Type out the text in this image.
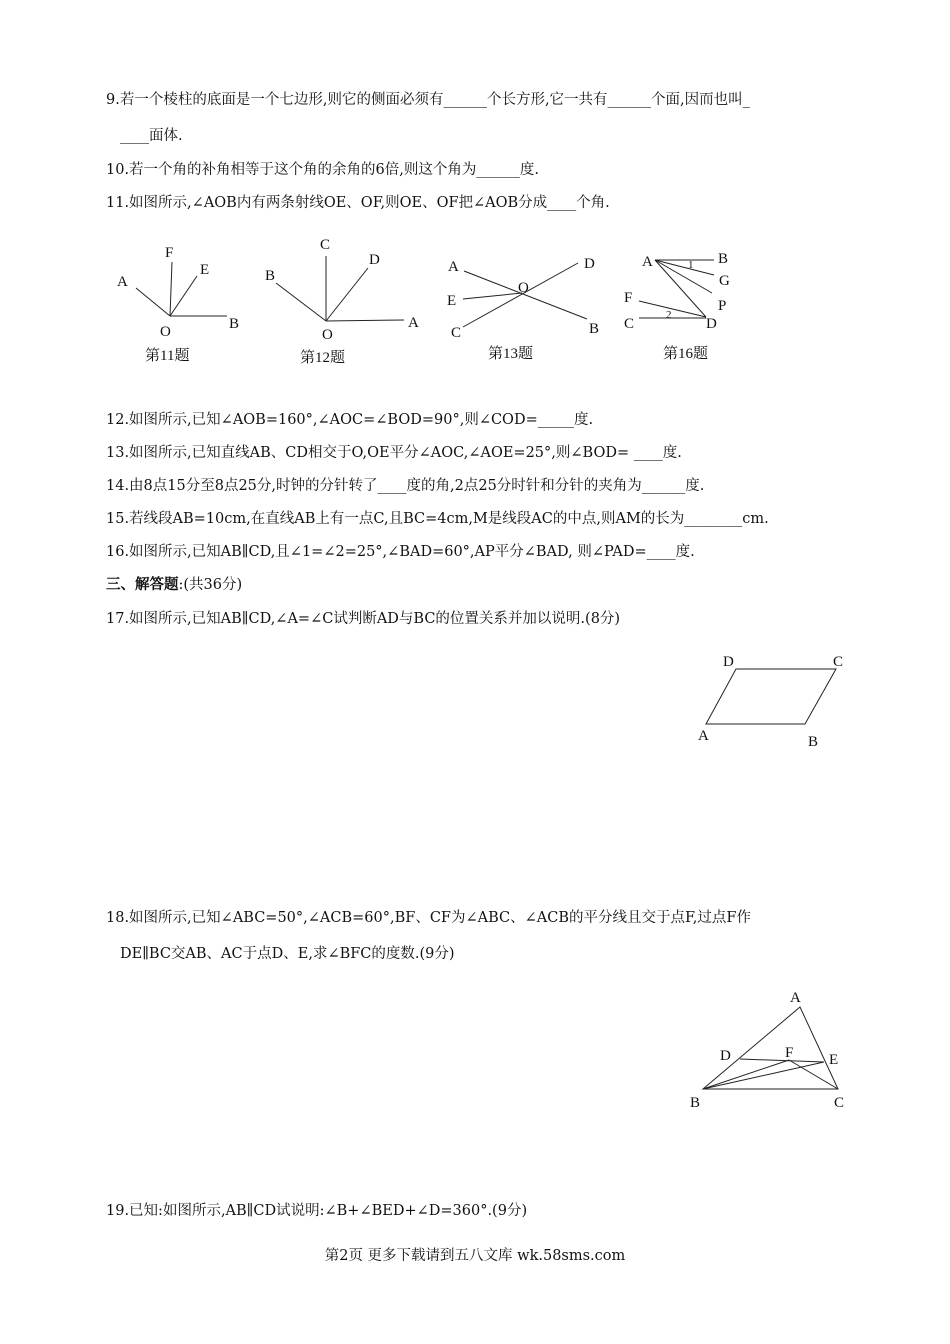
9.若一个棱柱的底面是一个七边形,则它的侧面必须有______个长方形,它一共有______个面,因而也叫_
____面体.
10.若一个角的补角相等于这个角的余角的6倍,则这个角为______度.
11.如图所示,∠AOB内有两条射线OE、OF,则OE、OF把∠AOB分成____个角.
12.如图所示,已知∠AOB=160°,∠AOC=∠BOD=90°,则∠COD=_____度.
13.如图所示,已知直线AB、CD相交于O,OE平分∠AOC,∠AOE=25°,则∠BOD= ____度.
14.由8点15分至8点25分,时钟的分针转了____度的角,2点25分时针和分针的夹角为______度.
15.若线段AB=10cm,在直线AB上有一点C,且BC=4cm,M是线段AC的中点,则AM的长为________cm.
16.如图所示,已知AB∥CD,且∠1=∠2=25°,∠BAD=60°,AP平分∠BAD, 则∠PAD=____度.
三、解答题:(共36分)
17.如图所示,已知AB∥CD,∠A=∠C试判断AD与BC的位置关系并加以说明.(8分)
18.如图所示,已知∠ABC=50°,∠ACB=60°,BF、CF为∠ABC、∠ACB的平分线且交于点F,过点F作
DE∥BC交AB、AC于点D、E,求∠BFC的度数.(9分)
19.已知:如图所示,AB∥CD试说明:∠B+∠BED+∠D=360°.(9分)
第2页 更多下载请到五八文库 wk.58sms.com
A
F
E
O	B
第11题
C
D
B
O
A
第12题
A	D
O
E
C	B
第13题
A	B
1
G
P
F
C
2
D
第16题
D	C
A	B
A
D	F E
B	C
